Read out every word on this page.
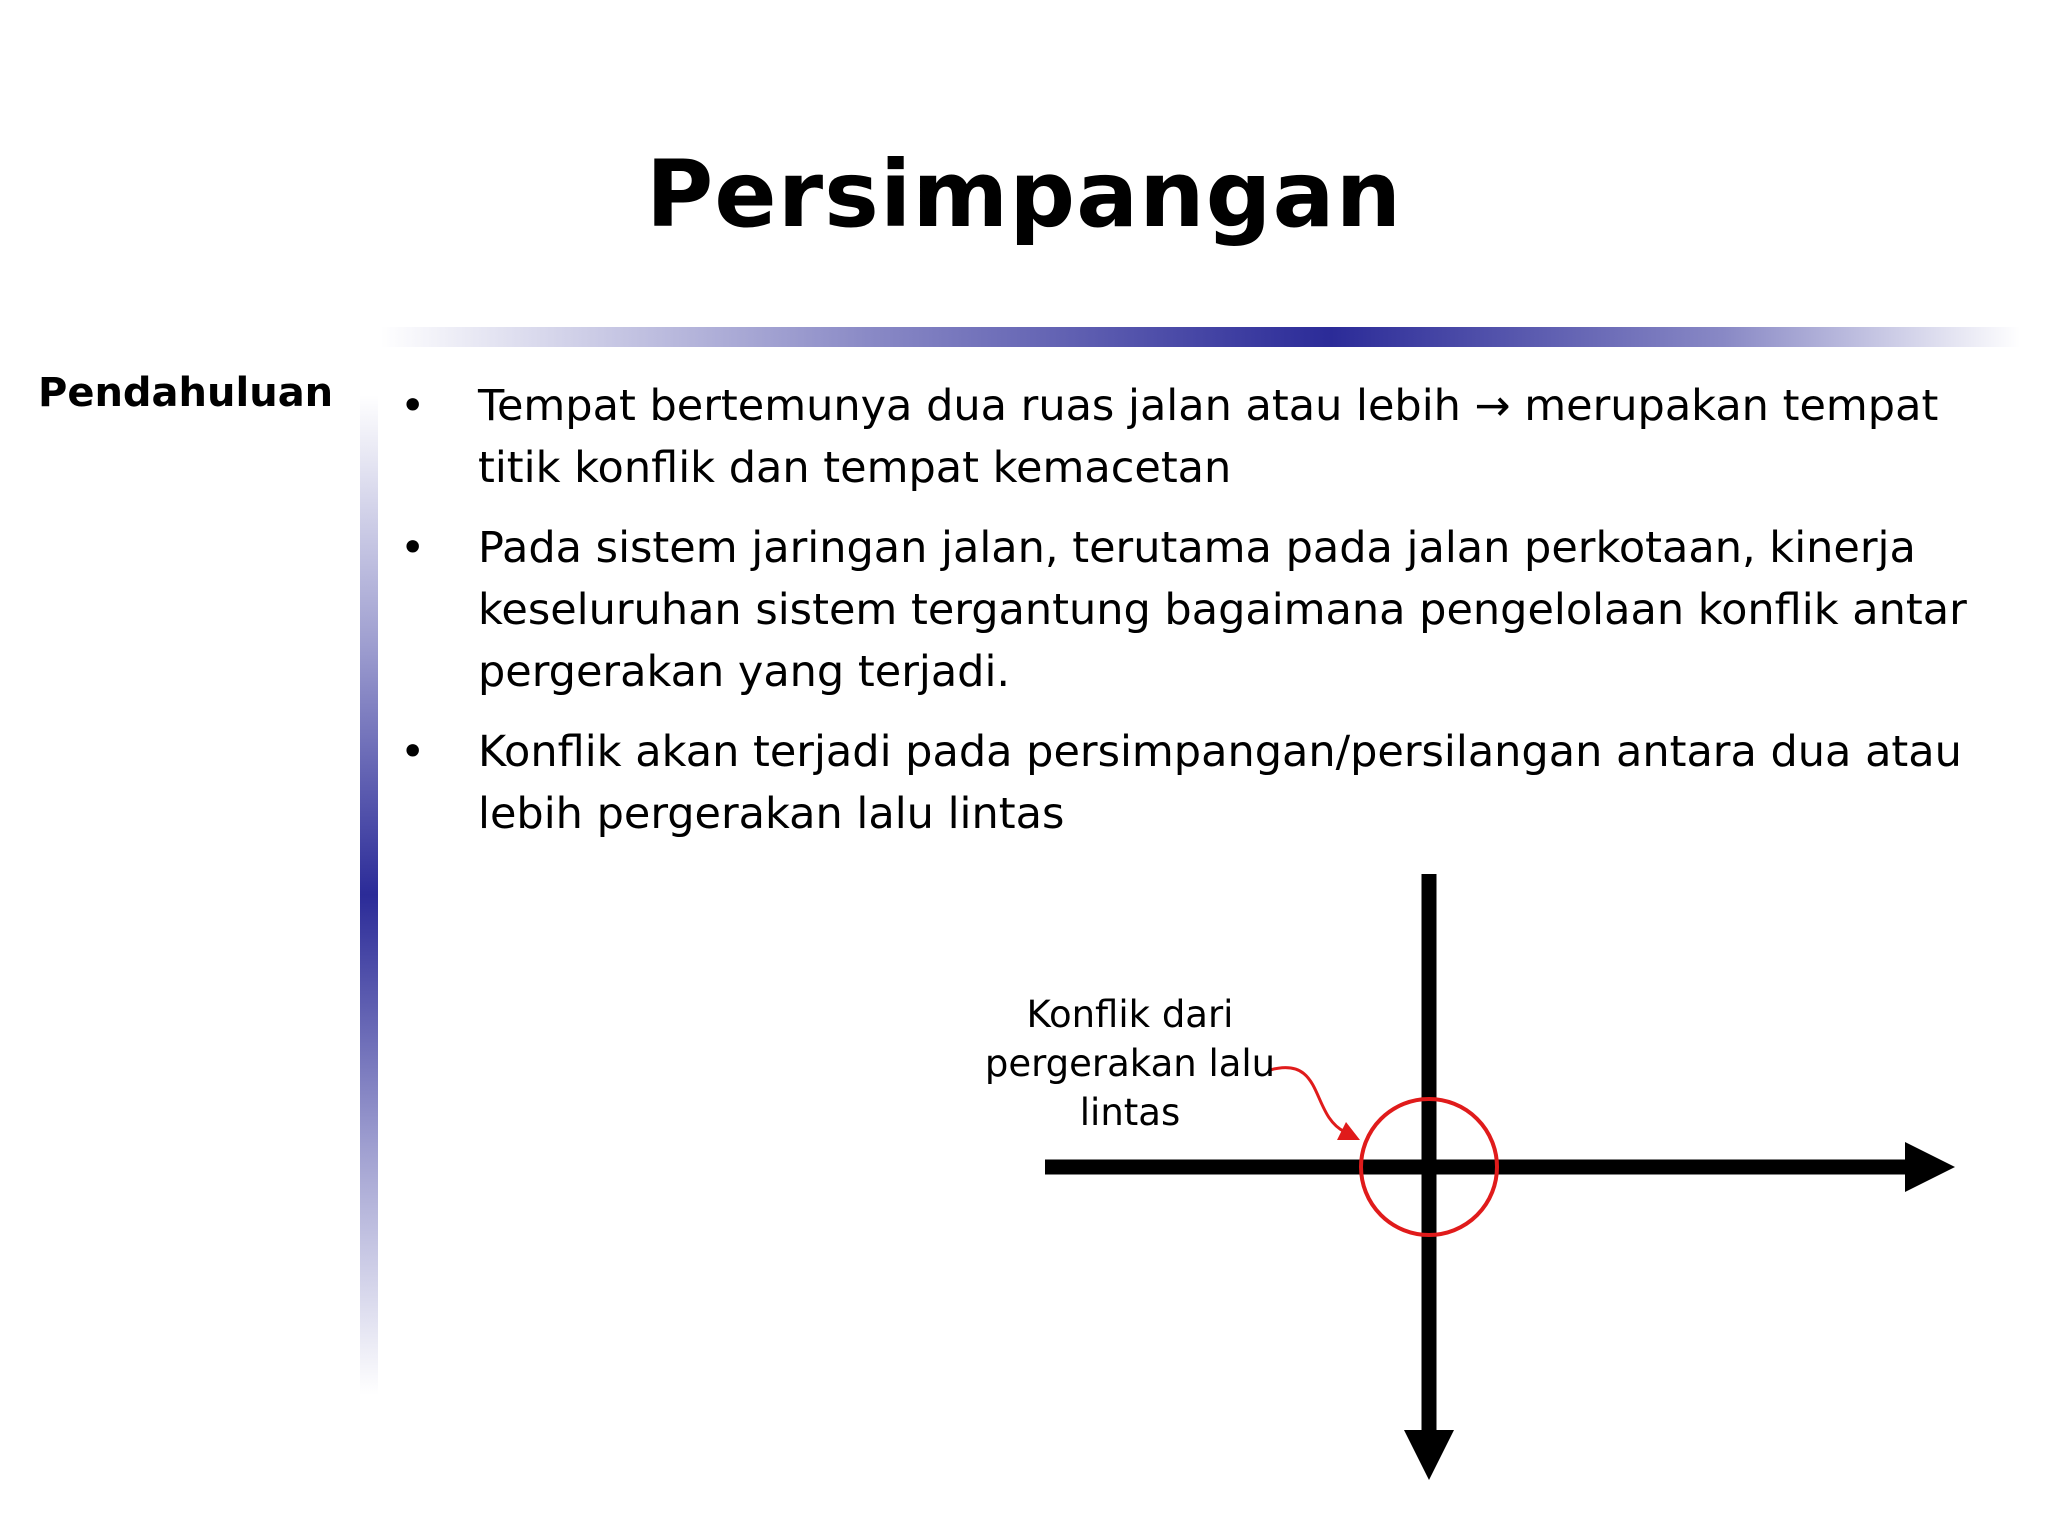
Persimpangan
Pendahuluan • Tempat bertemunya dua ruas jalan atau lebih → merupakan tempat titik konflik dan tempat kemacetan
• Pada sistem jaringan jalan, terutama pada jalan perkotaan, kinerja keseluruhan sistem tergantung bagaimana pengelolaan konflik antar pergerakan yang terjadi.
• Konflik akan terjadi pada persimpangan/persilangan antara dua atau lebih pergerakan lalu lintas
Konflik dari pergerakan lalu lintas
